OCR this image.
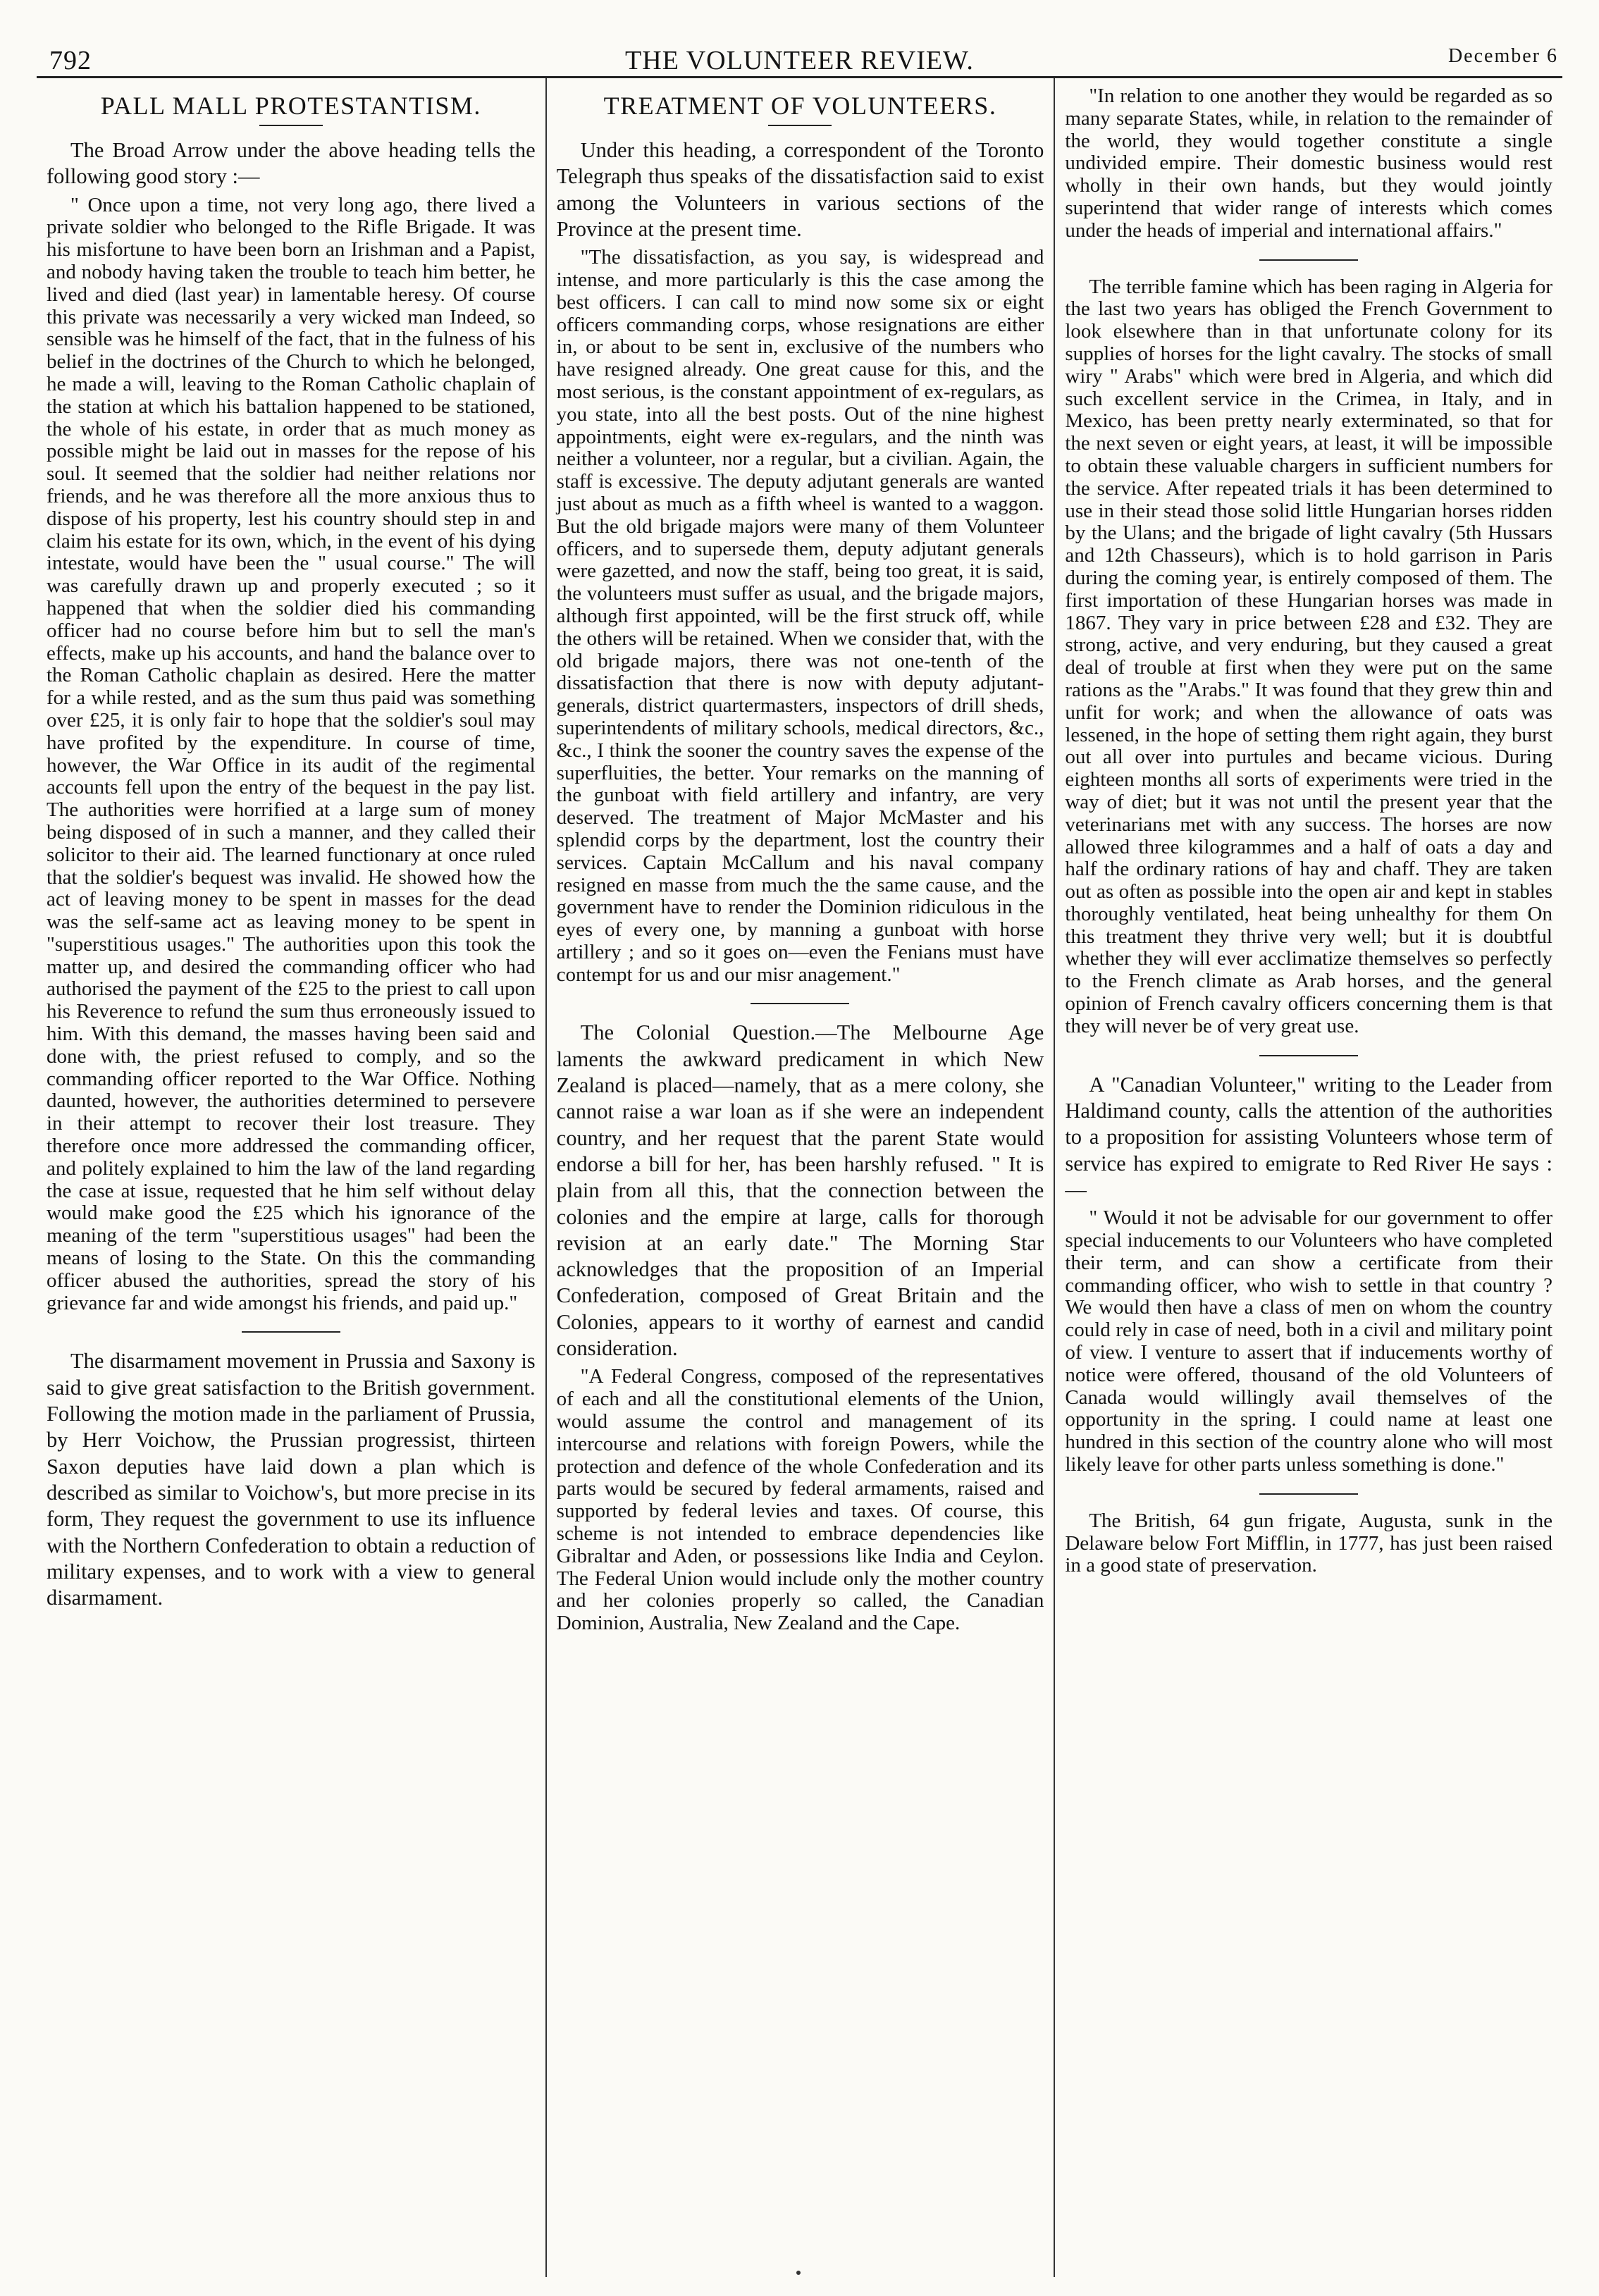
792	THE VOLUNTEER REVIEW.	December 6
PALL MALL PROTESTANTISM.

The Broad Arrow under the above heading tells the following good story :—

" Once upon a time, not very long ago, there lived a private soldier who belonged to the Rifle Brigade. It was his misfortune to have been born an Irishman and a Papist, and nobody having taken the trouble to teach him better, he lived and died (last year) in lamentable heresy. Of course this private was necessarily a very wicked man Indeed, so sensible was he himself of the fact, that in the fulness of his belief in the doctrines of the Church to which he belonged, he made a will, leaving to the Roman Catholic chaplain of the station at which his battalion happened to be stationed, the whole of his estate, in order that as much money as possible might be laid out in masses for the repose of his soul. It seemed that the soldier had neither relations nor friends, and he was therefore all the more anxious thus to dispose of his property, lest his country should step in and claim his estate for its own, which, in the event of his dying intestate, would have been the " usual course." The will was carefully drawn up and properly executed ; so it happened that when the soldier died his commanding officer had no course before him but to sell the man's effects, make up his accounts, and hand the balance over to the Roman Catholic chaplain as desired. Here the matter for a while rested, and as the sum thus paid was something over £25, it is only fair to hope that the soldier's soul may have profited by the expenditure. In course of time, however, the War Office in its audit of the regimental accounts fell upon the entry of the bequest in the pay list. The authorities were horrified at a large sum of money being disposed of in such a manner, and they called their solicitor to their aid. The learned functionary at once ruled that the soldier's bequest was invalid. He showed how the act of leaving money to be spent in masses for the dead was the self-same act as leaving money to be spent in "superstitious usages." The authorities upon this took the matter up, and desired the commanding officer who had authorised the payment of the £25 to the priest to call upon his Reverence to refund the sum thus erroneously issued to him. With this demand, the masses having been said and done with, the priest refused to comply, and so the commanding officer reported to the War Office. Nothing daunted, however, the authorities determined to persevere in their attempt to recover their lost treasure. They therefore once more addressed the commanding officer, and politely explained to him the law of the land regarding the case at issue, requested that he him self without delay would make good the £25 which his ignorance of the meaning of the term "superstitious usages" had been the means of losing to the State. On this the commanding officer abused the authorities, spread the story of his grievance far and wide amongst his friends, and paid up."

The disarmament movement in Prussia and Saxony is said to give great satisfaction to the British government. Following the motion made in the parliament of Prussia, by Herr Voichow, the Prussian progressist, thirteen Saxon deputies have laid down a plan which is described as similar to Voichow's, but more precise in its form, They request the government to use its influence with the Northern Confederation to obtain a reduction of military expenses, and to work with a view to general disarmament.

TREATMENT OF VOLUNTEERS.

Under this heading, a correspondent of the Toronto Telegraph thus speaks of the dissatisfaction said to exist among the Volunteers in various sections of the Province at the present time.

"The dissatisfaction, as you say, is widespread and intense, and more particularly is this the case among the best officers. I can call to mind now some six or eight officers commanding corps, whose resignations are either in, or about to be sent in, exclusive of the numbers who have resigned already. One great cause for this, and the most serious, is the constant appointment of ex-regulars, as you state, into all the best posts. Out of the nine highest appointments, eight were ex-regulars, and the ninth was neither a volunteer, nor a regular, but a civilian. Again, the staff is excessive. The deputy adjutant generals are wanted just about as much as a fifth wheel is wanted to a waggon. But the old brigade majors were many of them Volunteer officers, and to supersede them, deputy adjutant generals were gazetted, and now the staff, being too great, it is said, the volunteers must suffer as usual, and the brigade majors, although first appointed, will be the first struck off, while the others will be retained. When we consider that, with the old brigade majors, there was not one-tenth of the dissatisfaction that there is now with deputy adjutant-generals, district quartermasters, inspectors of drill sheds, superintendents of military schools, medical directors, &c., &c., I think the sooner the country saves the expense of the superfluities, the better. Your remarks on the manning of the gunboat with field artillery and infantry, are very deserved. The treatment of Major McMaster and his splendid corps by the department, lost the country their services. Captain McCallum and his naval company resigned en masse from much the the same cause, and the government have to render the Dominion ridiculous in the eyes of every one, by manning a gunboat with horse artillery ; and so it goes on—even the Fenians must have contempt for us and our misr anagement."

The Colonial Question.—The Melbourne Age laments the awkward predicament in which New Zealand is placed—namely, that as a mere colony, she cannot raise a war loan as if she were an independent country, and her request that the parent State would endorse a bill for her, has been harshly refused. " It is plain from all this, that the connection between the colonies and the empire at large, calls for thorough revision at an early date." The Morning Star acknowledges that the proposition of an Imperial Confederation, composed of Great Britain and the Colonies, appears to it worthy of earnest and candid consideration.

"A Federal Congress, composed of the representatives of each and all the constitutional elements of the Union, would assume the control and management of its intercourse and relations with foreign Powers, while the protection and defence of the whole Confederation and its parts would be secured by federal armaments, raised and supported by federal levies and taxes. Of course, this scheme is not intended to embrace dependencies like Gibraltar and Aden, or possessions like India and Ceylon. The Federal Union would include only the mother country and her colonies properly so called, the Canadian Dominion, Australia, New Zealand and the Cape.

"In relation to one another they would be regarded as so many separate States, while, in relation to the remainder of the world, they would together constitute a single undivided empire. Their domestic business would rest wholly in their own hands, but they would jointly superintend that wider range of interests which comes under the heads of imperial and international affairs."

The terrible famine which has been raging in Algeria for the last two years has obliged the French Government to look elsewhere than in that unfortunate colony for its supplies of horses for the light cavalry. The stocks of small wiry " Arabs" which were bred in Algeria, and which did such excellent service in the Crimea, in Italy, and in Mexico, has been pretty nearly exterminated, so that for the next seven or eight years, at least, it will be impossible to obtain these valuable chargers in sufficient numbers for the service. After repeated trials it has been determined to use in their stead those solid little Hungarian horses ridden by the Ulans; and the brigade of light cavalry (5th Hussars and 12th Chasseurs), which is to hold garrison in Paris during the coming year, is entirely composed of them. The first importation of these Hungarian horses was made in 1867. They vary in price between £28 and £32. They are strong, active, and very enduring, but they caused a great deal of trouble at first when they were put on the same rations as the "Arabs." It was found that they grew thin and unfit for work; and when the allowance of oats was lessened, in the hope of setting them right again, they burst out all over into purtules and became vicious. During eighteen months all sorts of experiments were tried in the way of diet; but it was not until the present year that the veterinarians met with any success. The horses are now allowed three kilogrammes and a half of oats a day and half the ordinary rations of hay and chaff. They are taken out as often as possible into the open air and kept in stables thoroughly ventilated, heat being unhealthy for them On this treatment they thrive very well; but it is doubtful whether they will ever acclimatize themselves so perfectly to the French climate as Arab horses, and the general opinion of French cavalry officers concerning them is that they will never be of very great use.

A "Canadian Volunteer," writing to the Leader from Haldimand county, calls the attention of the authorities to a proposition for assisting Volunteers whose term of service has expired to emigrate to Red River He says :—

" Would it not be advisable for our government to offer special inducements to our Volunteers who have completed their term, and can show a certificate from their commanding officer, who wish to settle in that country ? We would then have a class of men on whom the country could rely in case of need, both in a civil and military point of view. I venture to assert that if inducements worthy of notice were offered, thousand of the old Volunteers of Canada would willingly avail themselves of the opportunity in the spring. I could name at least one hundred in this section of the country alone who will most likely leave for other parts unless something is done."

The British, 64 gun frigate, Augusta, sunk in the Delaware below Fort Mifflin, in 1777, has just been raised in a good state of preservation.
